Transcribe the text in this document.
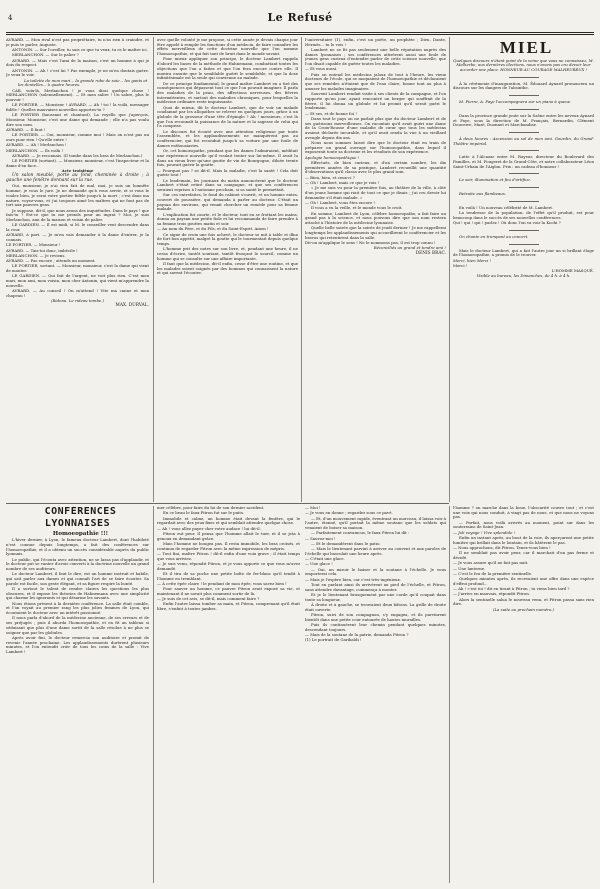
4	Le Refusé

AVRARD. — Mon rival n'est pas propriétaire, tu n'as rien à craindre, et je puis te parler, Auguste.

ANTONIN. — Sur l'oreiller, tu sais ce que tu veux, tu es le maître ici.

MERLANCHON. — Sur le palier ?

AVRARD. — Mais c'est l'ami de la maison, c'est un homme à qui je dois du respect.

ANTONIN. — Ah ! c'est lui ? Par exemple, je ne m'en doutais guère. Je veux le voir.

La toilette de mon mari... la grande robe de soie... les gants et les dentelles... à quatre heures.

CAR, voix-là, Merlanchon ! je vous dirai quelque chose ! MERLANCHON (solennellement). — Et mon sabre ! Un sabre, plus le pouvoir !

LE PORTIER. — Monsieur ! AVRARD. — Ah ! toi ! la voilà, messager fidèle ! Quelles mauvaises nouvelles apportes-tu ?

LE PORTIER (haussant et chantant). La voyelle que j'aperçois, Monsieur, Monsieur, c'est une dame qui demande ; elle n'a pas voulu dire son nom.

AVRARD. — Il faut !

LE PORTIER. — Oui, monsieur, comme moi ! Mais on n'est pas un ours pour rien ! Qu'elle entre !

AVRARD. — Ah ! Merlanchon !

MERLANCHON. — Ils voilà !

AVRARD. — Je reconnais. (Il tombe dans les bras de Merlanchon.)

LE PORTIER (sortant). — Monsieur, monsieur, c'est l'inspecteur et la dame d'en face...

Acte troisième

Un salon meublé, porte au fond, cheminée à droite ; à gauche une fenêtre donnant sur la rue.

Oui, monsieur, je n'ai rien fait de mal, moi, je suis un honnête homme, je vous le jure. Je ne demande qu'à vous servir, et si vous le voulez bien, je serai votre portier fidèle jusqu'à la mort ; c'est dans ma nature, voyez-vous, et j'ai toujours aimé les maîtres qui ne font pas de tort aux pauvres gens.

Je suppose, dit-il, que nous avons des inquiétudes. Dans le pays ! que fais-tu ? Est-ce que tu me prends pour un ingrat ? Moi, je suis Merlanchon, ami de la maison et voisin de palier.

LE GARDIEN. — Il est midi, si M. le conseiller veut descendre dans la cour.

AVRARD, à part. — Je m'en vais demander à la dame d'entrer, je la connais.

LE PORTIER. — Monsieur !

AVRARD. — Tais-toi donc, imbécile !

MERLANCHON. — Je reviens.

AVRARD. — Pas encore ; attends un moment.

LE PORTIER, sortant. — Monsieur, monsieur, c'est la dame qui vient de monter.

LE GARDIEN. — Qui fait de l'argent, ne voit plus rien. C'est mon mari, mon ami, mon voisin, mon cher Antonin, qui vient m'apprendre la nouvelle.

AVRARD. — Au conseil ! On m'attend ! Vite ma canne et mon chapeau !

(Rideau. Le rideau tombe.)

MAX. DURVAL.

avec quelle volonté je me propose, si cette année je devais chaque jour être appelé à remplir les fonctions d'un médecin, de faire connaître les effets merveilleux de cette doctrine nouvelle que l'on nomme l'homoeopathie, et qui fait tant de bruit dans le monde savant.

Pour mieux appliquer son principe, le docteur Lambert rappela d'abord les bases de la méthode de Hahnemann, combattant toutes les objections que l'on a faites et que l'on fera encore contre elle. Il montra ensuite que le semblable guérit le semblable, et que la dose infinitésimale est la seule qui convienne au malade.

De ce principe fondamental, le grand maître Lambert en a tiré des conséquences qui dépassent tout ce que l'on pouvait imaginer. Il parla des maladies de la peau, des affections nerveuses, des fièvres intermittentes, et surtout des maladies chroniques, pour lesquelles la médecine ordinaire reste impuissante.

Quoi de mieux, dit le docteur Lambert, que de voir un malade condamné par les allopathes se relever en quelques jours, grâce à un globule de la grosseur d'une tête d'épingle ? Ah ! messieurs, c'est là que l'on reconnaît la puissance de la nature et la sagesse de celui qui l'a comprise.

Le discours fut écouté avec une attention religieuse par toute l'assemblée, et les applaudissements ne manquèrent pas au conférencier, qui fut reconduit jusqu'à sa voiture par une foule de dames enthousiastes.

Or, cet homoeopathe, pendant que les dames l'admiraient, méditait une expérience nouvelle qu'il voulait tenter sur lui-même. Il avait lu dans un vieux livre qu'une goutte de vin de Bourgogne, diluée trente fois, pouvait guérir la goutte.

— Pourquoi pas ? se dit-il. Mais la maladie, c'est la santé ! Cela doit guérir tout !

Le lendemain, les journaux du matin annoncèrent que le docteur Lambert s'était retiré dans sa campagne, et que ses conférences seraient reprises à l'automne prochain, si sa santé le permettait.

Sur ces entrefaites, le fond du cabinet s'ouvrit, et un homme entra, couvert de poussière, qui demanda à parler au docteur. C'était un paysan des environs, qui venait chercher un remède pour sa femme malade.

L'explication fut courte, et le docteur, tout en se frottant les mains, donna au paysan une petite fiole et lui recommanda de faire prendre à sa femme trois gouttes matin et soir.

— Au nom du Père, et du Fils, et du Saint-Esprit. Amen !

Ce signe de croix une fois achevé, le docteur se mit à table et dîna de fort bon appétit, malgré la goutte qui le tourmentait depuis quelque temps.

L'homme prit des notes sur son livre, et, pendant une heure, il ne cessa d'écrire, tantôt souriant, tantôt fronçant le sourcil, comme un homme qui se consulte sur une affaire importante.

Il faut que la médecine, dit-il enfin, cesse d'être une routine, et que les malades soient soignés par des hommes qui connaissent la nature et qui savent l'écouter.

l'universitaire (1), enfin, c'est un poète, un prophète ; Dieu, Dante, Hermès... tu le vois !

Lambert ne se fit pas seulement une belle réputation auprès des dames lyonnaises ; ses conférences attirèrent aussi une foule de jeunes gens curieux d'entendre parler de cette science nouvelle, que l'on disait capable de guérir toutes les maladies.

— Et vous aussi.

Puis on entend les médecins jaloux de tout à l'heure, les vieux docteurs de l'école, qui se moquaient de l'homoeopathie et déclaraient que ses remèdes n'étaient que de l'eau claire, bonne tout au plus à amuser les malades imaginaires.

Souvent Lambert rendait visite à ses clients de la campagne, et l'on rapporte qu'un jour, ayant rencontré un berger qui souffrait de la fièvre, il lui donna un globule et lui promit qu'il serait guéri le lendemain.

— Et ses, et de bonne foi !

Dans tout le pays on ne parlait plus que du docteur Lambert et de ses guérisons merveilleuses. On racontait qu'il avait guéri une dame de la Croix-Rousse d'une maladie de cœur que tous les médecins avaient déclarée incurable, et qu'il avait rendu la vue à un vieillard aveugle depuis dix ans.

Nous nous sommes laissé dire que le docteur était en train de préparer un grand ouvrage sur l'homoeopathie, dans lequel il exposerait toute sa doctrine et les résultats de son expérience.

Apologie homoeopathique !

Effectués, de bien curieux, et d'un certain nombre, les dix premières années de sa pratique, Lambert recueillit une quantité d'observations qu'il classa avec le plus grand soin.

— Bien, bien, et ceux-ci ?

— Oh ! Lambert, mais ce que je vois !

« Je me suis vu pour la première fois, au théâtre de la ville, à côté d'un jeune homme qui riait de tout ce que je disais ; j'ai cru devoir lui demander s'il était malade. »

— Oh ! Lambert, vous êtes encore !

Il vous a vu la veille, et le monde vous le croit.

En somme, Lambert de Lyon, célèbre homoeopathe, a fait faire un grand pas à la science, et nous pouvons dire que son nom restera attaché à l'histoire de la médecine lyonnaise.

Quelle belle soirée que la soirée de jeudi dernier ! Je me rappellerai longtemps les applaudissements qui accueillirent le conférencier et les bravos qui retentirent dans la salle.

Dit-on m'applique le sens ! Ne le nommons pas, il est trop connu !

Réconciliés un grand et tendre ami !

DENIS BRAC.

MIEL

Quelques discours n'étant point de la veine que vous ne connaissez, M. Malherbe, aux dernières élections, nous n'avons pas cru devoir leur accorder une place. HONNEUR AU COURAGE MALHEUREUX !

À la cérémonie d'inauguration, M. Édouard Aynard prononcera un discours sur les dangers de l'absinthe.

M. Pierre, A. Faye l'accompagnera sur un piano à queue.

Dans la province grande joute sur la Saône entre les neveux Aynard et Faye, sous la direction de M. Français, Bernardin, Clément Doucerre, Mazé, Duonnet et Marchandise.

À deux heures : Ascension au sol de mon ami. Gourdin, du Grand-Théâtre impérial.

Lutte à l'Alcazar entre M. Rayeur, directeur du Boulevard des Familles, et M. Fougeret de la Grand-Côte, et notre collaborateur Léon Saint-Urbain de l'Aiglon. Prix : un cadeau d'honneur !

Le soir, illumination et feu d'artifice.

Retraite aux flambeaux.

En voilà ! Un nouveau célébrité de M. Lambert.

La tendresse de la population, de l'effet qu'il produit, est pour beaucoup dans le succès de ses nouvelles conférences.

Qui ! qui ! qui ! parlez ! Où donc l'on va voir la Kochi ?

On chante en trompant au concert.

Mais le docteur Lambert, qui a fait l'autre jour un si brillant éloge de l'homoeopathie, a promis de le trouver.

Merci, bien Merci !

Merci !

L'HOMME MASQUÉ.

Visible au bureau, les Dimanches, de 4 h. à 4 h.

CONFÉRENCES LYONNAISES

Homoeopathie !!!

L'hiver dernier, à Lyon, le fameux docteur Lambert, dont l'habileté n'est connue depuis longtemps, a fait des conférences sur l'homoeopathie, et il a obtenu un succès considérable auprès du public lyonnais.

Le public, qui l'écouta avec attention, ne se lassa pas d'applaudir, et le docteur put se vanter d'avoir converti à la doctrine nouvelle un grand nombre de ses auditeurs.

Le docteur Lambert, il faut le dire, est un homme instruit et habile, qui sait parler aux dames et qui connaît l'art de se faire écouter. Sa parole est facile, son geste élégant, et sa figure respire la bonté.

Il a surtout le talent de rendre claires les questions les plus obscures, et il expose les théories de Hahnemann avec une simplicité qui charme les ignorants et qui désarme les savants.

Nous étions présent à la dernière conférence. La salle était comble, et l'on voyait au premier rang les plus jolies femmes de Lyon, qui écoutaient le docteur avec un intérêt passionné.

Il nous parla d'abord de la médecine ancienne, de ses erreurs et de ses préjugés ; puis il aborda l'homoeopathie, et en fit un tableau si séduisant que plus d'une dame sortit de la salle résolue à ne plus se soigner que par les globules.

Après avoir fini, le docteur remercia son auditoire et promit de revenir l'année prochaine. Les applaudissements durèrent plusieurs minutes, et l'on entendit crier de tous les coins de la salle : Vive Lambert !

mer célèbre, pour faire du lui de son dernier accident.

En ce beau le faux Pitron fut sur le puits.

Immobile et calme, un homme était devant la fenêtre, qui le regardait avec des yeux fixes et qui semblait attendre quelque chose.

— Ah ! vous allez payer cher votre audace ! lui dit-il.

Pitron eut peur. Il pensa que l'homme allait le tuer, et il se jeta à genoux en demandant grâce.

Mais l'homme ne bougea pas. Il resta immobile, les bras croisés, et continua de regarder Pitron avec la même expression de mépris.

— Tout fini, maître Pitron ! dit-il enfin d'une voix grave ; il était temps que vous arriviez.

— Je suis venu, répondit Pitron, et je vous apporte ce que vous m'avez demandé.

Et il tira de sa poche une petite boîte de fer-blanc qu'il tendit à l'homme en tremblant.

— À cette épée claire ! le pendant de mon épée, vous savez bien !

Pour sauver un homme, ce pauvre Pitron avait exposé sa vie, et maintenant il ne savait plus comment sortir de là.

— Je suis de cet avis, se dit-il, mais comment faire ?

Enfin l'autre laissa tomber sa main, et Pitron, comprenant qu'il était libre, s'enfuit à toutes jambes.

— Moi !

— Je vous en donne ; regardez sous ce pavé.

— Et, d'un mouvement rapide, éventrant un morceau, il laissa voir à l'autre, étonné, qu'il portait la même soutane que les soldats qui venaient de boiser sa maison.

— Parfaitement convaincus, le faux Pitron lui dit :

— Sauvez-moi !

— Et le demandèrent dans le patio.

— Mais le lieutenant parvint à arriver au couvent et aux paroles de l'échelle qui basculait une heure après.

— C'était une glace.

— Une glace !

— Oui, un miroir le baiser et la soutane à l'échelle. Je vous emporterai cela.

— Mais je l'espère bien, car c'est très-ingénieux.

Tout en parlant ainsi ils arrivèrent au pied de l'échelle, et Pitron, sans attendre davantage, commença à monter.

Et je le lieutenant brusquement par une corde qu'il coupait dans toute sa longueur.

À droite et à gauche, se trouvaient deux bâtons. La grille de droite était ouverte.

Pitron, suivi de son compagnon, s'y engagea, et ils parvinrent bientôt dans une petite cour entourée de hautes murailles.

Puis ils continuèrent leur chemin pendant quelques minutes, descendant toujours.

— Mais de la soutane de la patrie, demanda Pitron ?

(1) Le portrait de Garibaldi !

l'homme ? on marche dans la boue, l'obscurité couvre tout ; et c'est une voix qui nous conduit, à vingt pas de nous, et que nous ne voyons pas.

— Parfait, nous voilà arrivés au moment, point sur dans les souterrains de Saint-Jean.

— Joli voyage ! Vive splendide !

Enfin un instant après, au bout de la voie, ils aperçurent une petite lumière qui brillait dans le lointain, et ils hâtèrent le pas.

— Nous approchons, dit Pitron, Tenez-vous bien !

Il ne semblait pas avoir peur, car il marchait d'un pas ferme et décidé.

— Je vous assure qu'il ne fait pas nuit.

— Une lanterne.

— C'est le feu de la première sentinelle.

Quelques minutes après, ils recevaient une offre dans une espèce d'effroi profond...

— Ah ! c'est toi ! dit en tirant à Pitron ; tu viens bien tard ?

— J'arrive en mauvais, répondit Pitron.

Alors la sentinelle salua le nouveau venu, et Pitron passa sans rien dire.

(La suite au prochain numéro.)
